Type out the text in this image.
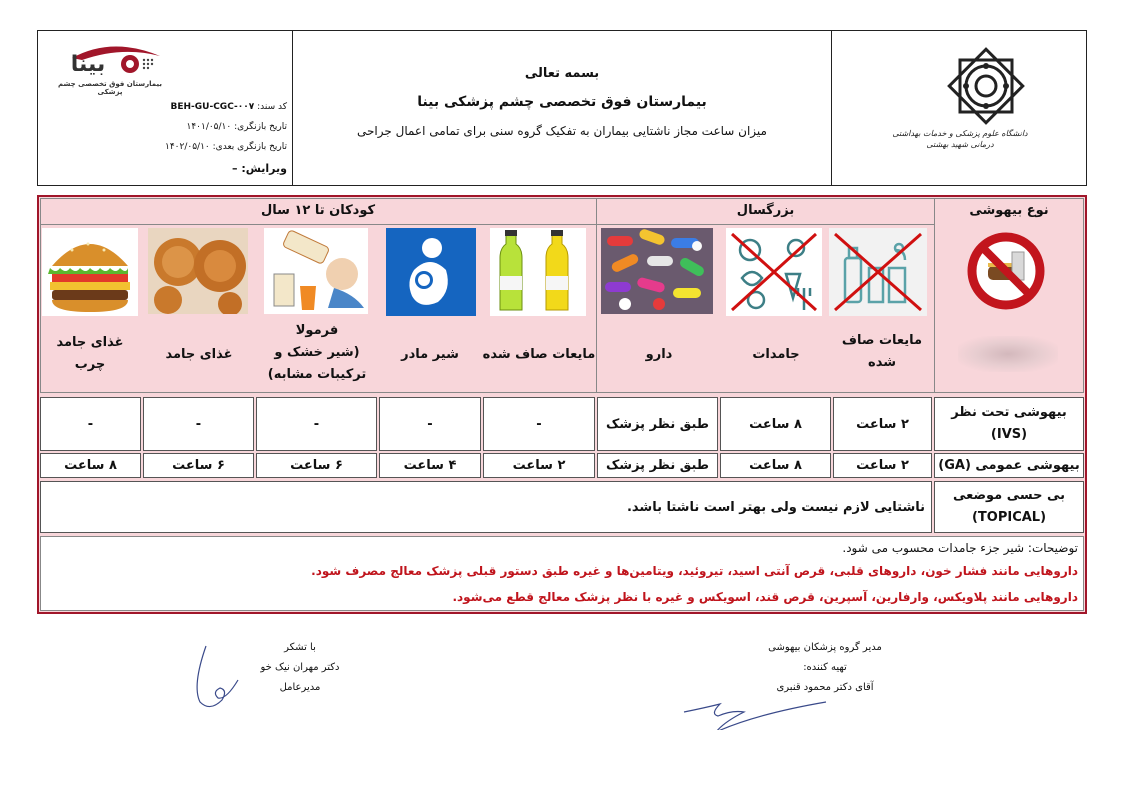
بینا
بیمارستان فوق تخصصی چشم پزشکی
کد سند: BEH-GU-CGC-۰۰۷
تاریخ بازنگری: ۱۴۰۱/۰۵/۱۰
تاریخ بازنگری بعدی: ۱۴۰۲/۰۵/۱۰
ویرایش: –
بسمه تعالی
بیمارستان فوق تخصصی چشم پزشکی بینا
میزان ساعت مجاز ناشتایی بیماران به تفکیک گروه سنی برای تمامی اعمال جراحی	دانشگاه علوم پزشکی و خدمات بهداشتی درمانی شهید بهشتی
نوع بیهوشی
بزرگسال
کودکان تا ۱۲ سال
مایعات صاف
شده
جامدات
دارو
مایعات صاف شده
شیر مادر
فرمولا
(شیر خشک و
ترکیبات مشابه)
غذای جامد
غذای جامد
چرب
بیهوشی تحت نظر
(IVS)
۲ ساعت
۸ ساعت
طبق نظر پزشک
-
-
-
-
-
بیهوشی عمومی (GA)
۲ ساعت
۸ ساعت
طبق نظر پزشک
۲ ساعت
۴ ساعت
۶ ساعت
۶ ساعت
۸ ساعت
بی حسی موضعی
(TOPICAL)
ناشتایی لازم نیست ولی بهتر است ناشتا باشد.
توضیحات: شیر جزء جامدات محسوب می شود.
داروهایی مانند فشار خون، داروهای قلبی، قرص آنتی اسید، تیروئید، ویتامین‌ها و غیره طبق دستور قبلی پزشک معالج مصرف شود.
داروهایی مانند پلاویکس، وارفارین، آسپرین، قرص قند، اسویکس و غیره با نظر پزشک معالج قطع می‌شود.
مدیر گروه پزشکان بیهوشی
تهیه کننده:
آقای دکتر محمود قنبری
با تشکر
دکتر مهران نیک خو
مدیرعامل
